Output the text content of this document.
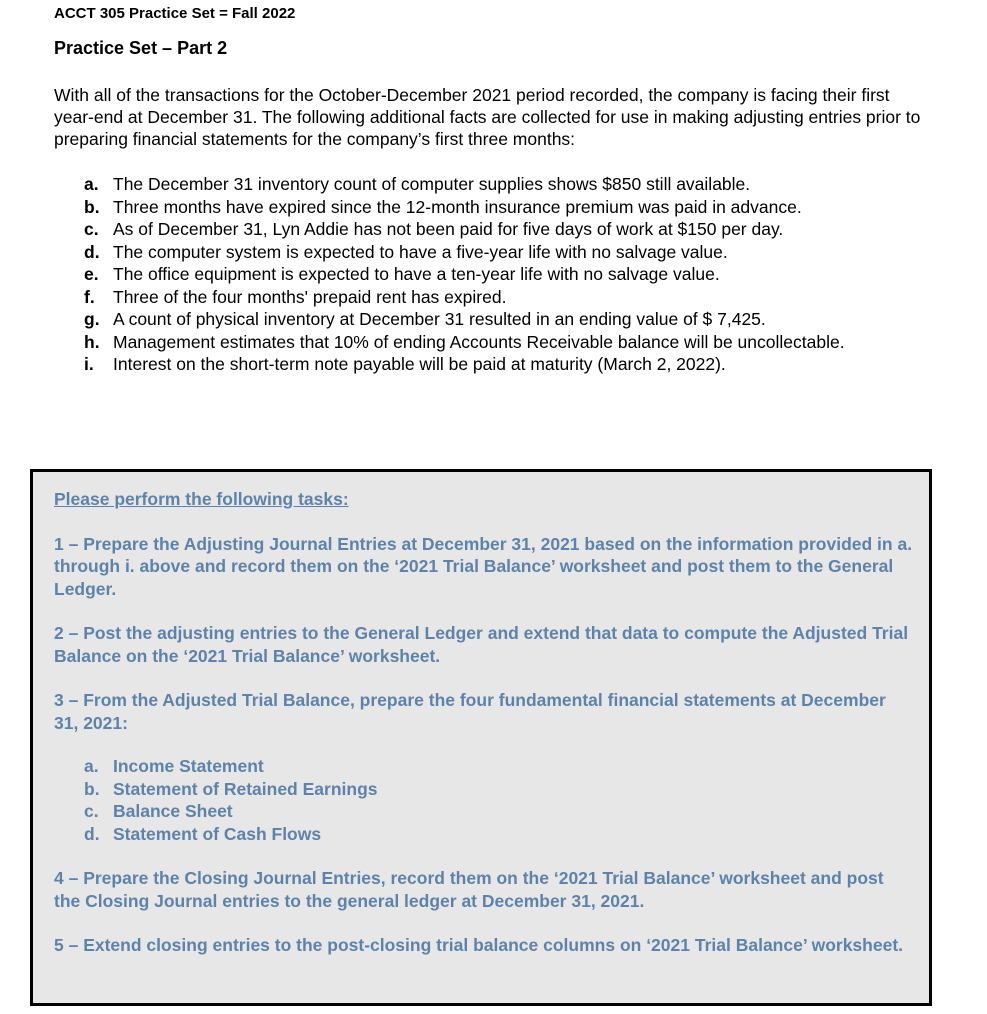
ACCT 305 Practice Set = Fall 2022
Practice Set – Part 2

With all of the transactions for the October-December 2021 period recorded, the company is facing their first year-end at December 31. The following additional facts are collected for use in making adjusting entries prior to preparing financial statements for the company’s first three months:

a. The December 31 inventory count of computer supplies shows $850 still available.
b. Three months have expired since the 12-month insurance premium was paid in advance.
c. As of December 31, Lyn Addie has not been paid for five days of work at $150 per day.
d. The computer system is expected to have a five-year life with no salvage value.
e. The office equipment is expected to have a ten-year life with no salvage value.
f.	Three of the four months' prepaid rent has expired.
g. A count of physical inventory at December 31 resulted in an ending value of $ 7,425.
h. Management estimates that 10% of ending Accounts Receivable balance will be uncollectable.
i.	Interest on the short-term note payable will be paid at maturity (March 2, 2022).

Please perform the following tasks:

1 – Prepare the Adjusting Journal Entries at December 31, 2021 based on the information provided in a. through i. above and record them on the ‘2021 Trial Balance’ worksheet and post them to the General Ledger.

2 – Post the adjusting entries to the General Ledger and extend that data to compute the Adjusted Trial Balance on the ‘2021 Trial Balance’ worksheet.

3 – From the Adjusted Trial Balance, prepare the four fundamental financial statements at December 31, 2021:

a. Income Statement
b. Statement of Retained Earnings
c. Balance Sheet
d. Statement of Cash Flows

4 – Prepare the Closing Journal Entries, record them on the ‘2021 Trial Balance’ worksheet and post the Closing Journal entries to the general ledger at December 31, 2021.

5 – Extend closing entries to the post-closing trial balance columns on ‘2021 Trial Balance’ worksheet.
